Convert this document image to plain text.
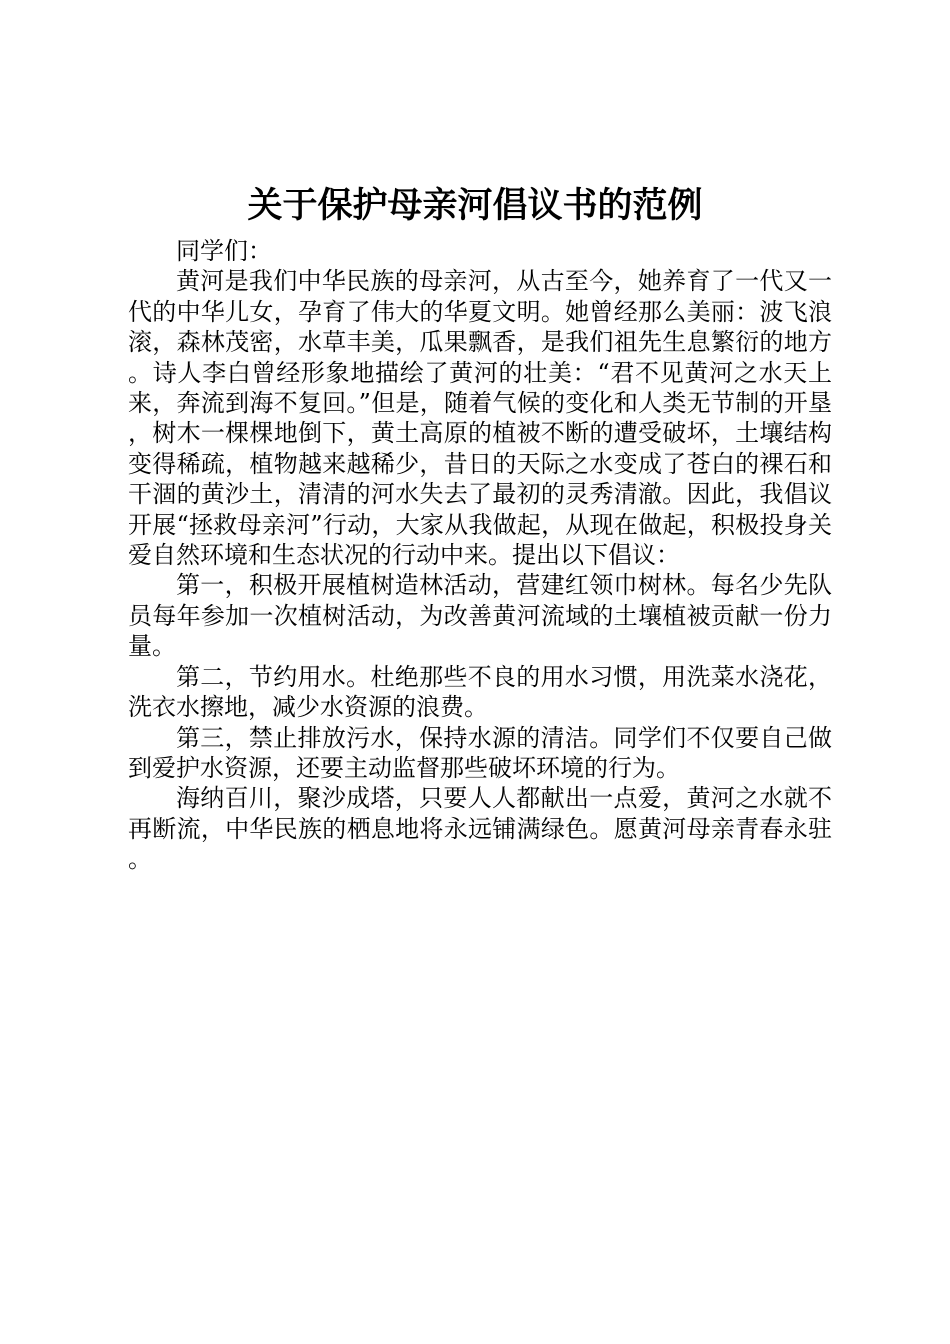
关于保护母亲河倡议书的范例

同学们：

黄河是我们中华民族的母亲河，从古至今，她养育了一代又一代的中华儿女，孕育了伟大的华夏文明。她曾经那么美丽：波飞浪滚，森林茂密，水草丰美，瓜果飘香，是我们祖先生息繁衍的地方。诗人李白曾经形象地描绘了黄河的壮美：“君不见黄河之水天上来，奔流到海不复回。”但是，随着气候的变化和人类无节制的开垦，树木一棵棵地倒下，黄土高原的植被不断的遭受破坏，土壤结构变得稀疏，植物越来越稀少，昔日的天际之水变成了苍白的裸石和干涸的黄沙土，清清的河水失去了最初的灵秀清澈。因此，我倡议开展“拯救母亲河”行动，大家从我做起，从现在做起，积极投身关爱自然环境和生态状况的行动中来。提出以下倡议：

第一，积极开展植树造林活动，营建红领巾树林。每名少先队员每年参加一次植树活动，为改善黄河流域的土壤植被贡献一份力量。

第二，节约用水。杜绝那些不良的用水习惯，用洗菜水浇花，洗衣水擦地，减少水资源的浪费。

第三，禁止排放污水，保持水源的清洁。同学们不仅要自己做到爱护水资源，还要主动监督那些破坏环境的行为。

海纳百川，聚沙成塔，只要人人都献出一点爱，黄河之水就不再断流，中华民族的栖息地将永远铺满绿色。愿黄河母亲青春永驻。
